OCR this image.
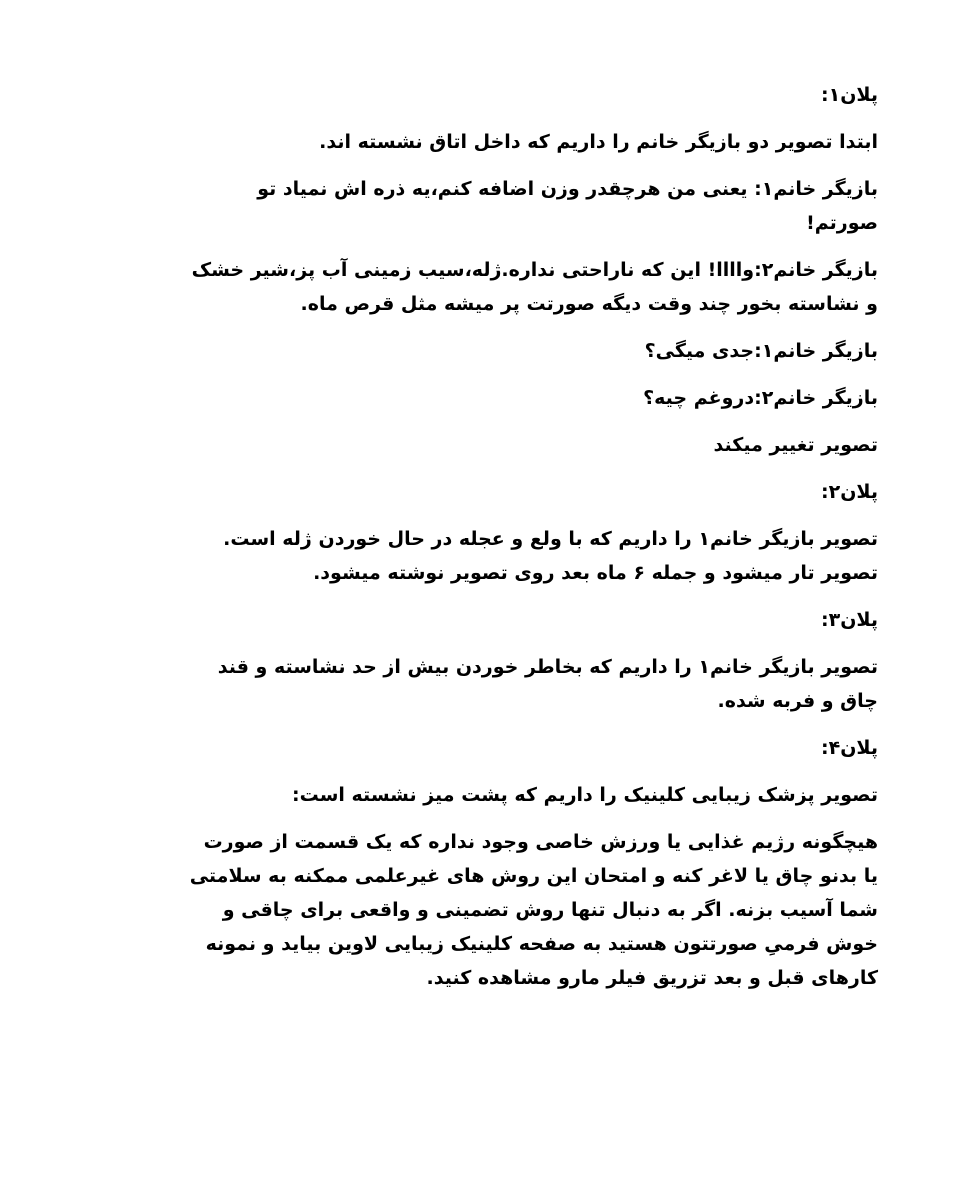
پلان۱:

ابتدا تصویر دو بازیگر خانم را داریم که داخل اتاق نشسته اند.

بازیگر خانم۱: یعنی من هرچقدر وزن اضافه کنم،یه ذره اش نمیاد تو
صورتم!

بازیگر خانم۲:واااا! این که ناراحتی نداره.ژله،سیب زمینی آب پز،شیر خشک
و نشاسته بخور چند وقت دیگه صورتت پر میشه مثل قرص ماه.

بازیگر خانم۱:جدی میگی؟

بازیگر خانم۲:دروغم چیه؟

تصویر تغییر میکند

پلان۲:

تصویر بازیگر خانم۱ را داریم که با ولع و عجله در حال خوردن ژله است.
تصویر تار میشود و جمله ۶ ماه بعد روی تصویر نوشته میشود.

پلان۳:

تصویر بازیگر خانم۱ را داریم که بخاطر خوردن بیش از حد نشاسته و قند
چاق و فربه شده.

پلان۴:

تصویر پزشک زیبایی کلینیک را داریم که پشت میز نشسته است:

هیچگونه رژیم غذایی یا ورزش خاصی وجود نداره که یک قسمت از صورت
یا بدنو چاق یا لاغر کنه و امتحان این روش های غیرعلمی ممکنه به سلامتی
شما آسیب بزنه. اگر به دنبال تنها روش تضمینی و واقعی برای چاقی و
خوش فرمیِ صورتتون هستید به صفحه کلینیک زیبایی لاوین بیاید و نمونه
کارهای قبل و بعد تزریق فیلر مارو مشاهده کنید.
